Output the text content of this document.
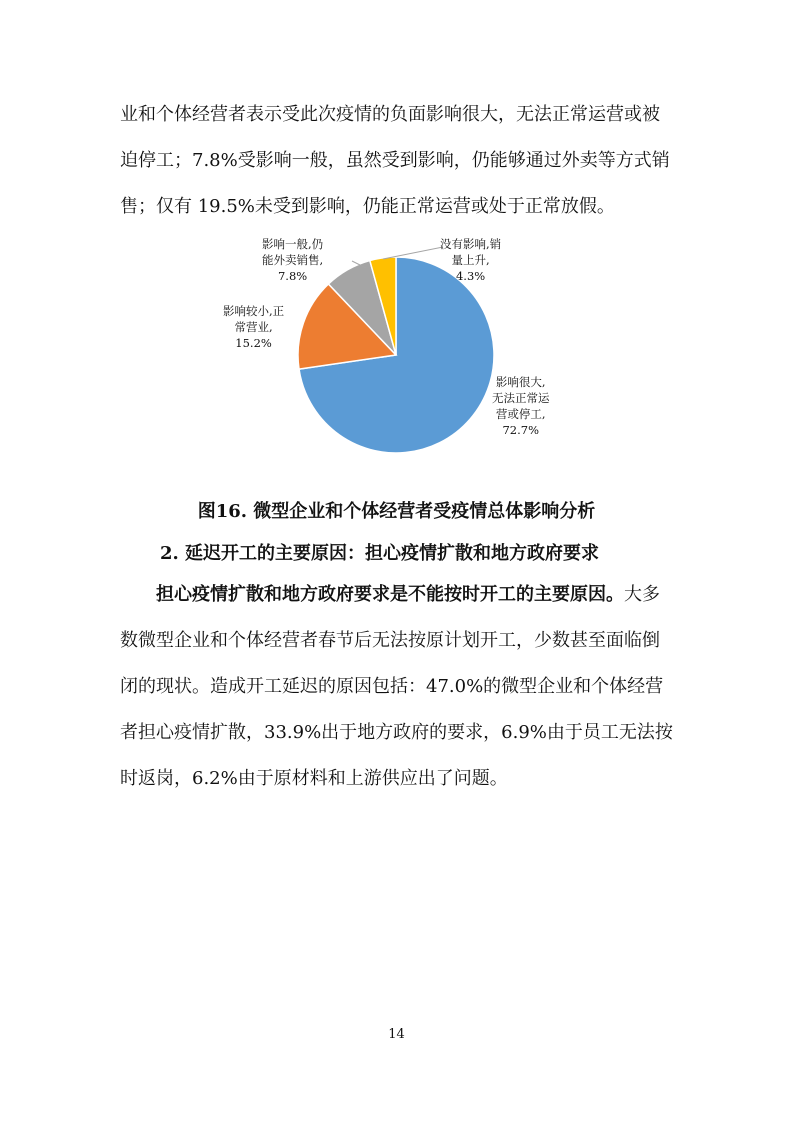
业和个体经营者表示受此次疫情的负面影响很大，无法正常运营或被
迫停工；7.8%受影响一般，虽然受到影响，仍能够通过外卖等方式销
售；仅有 19.5%未受到影响，仍能正常运营或处于正常放假。
影响很大,
无法正常运
营或停工,
72.7%
影响较小,正
常营业,
15.2%
影响一般,仍
能外卖销售,
7.8%
没有影响,销
量上升,
4.3%
图16. 微型企业和个体经营者受疫情总体影响分析
2. 延迟开工的主要原因：担心疫情扩散和地方政府要求
担心疫情扩散和地方政府要求是不能按时开工的主要原因。大多
数微型企业和个体经营者春节后无法按原计划开工，少数甚至面临倒
闭的现状。造成开工延迟的原因包括：47.0%的微型企业和个体经营
者担心疫情扩散，33.9%出于地方政府的要求，6.9%由于员工无法按
时返岗，6.2%由于原材料和上游供应出了问题。
14
